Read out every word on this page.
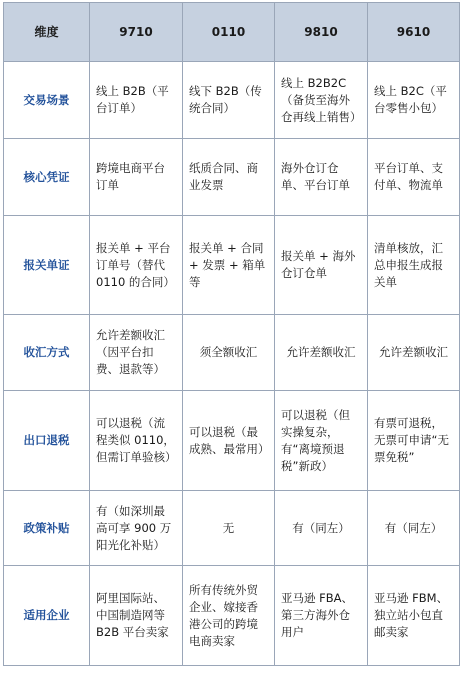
维度	9710	0110	9810	9610
交易场景	线上 B2B（平台订单）	线下 B2B（传统合同）	线上 B2B2C（备货至海外仓再线上销售）	线上 B2C（平台零售小包）
核心凭证	跨境电商平台订单	纸质合同、商业发票	海外仓订仓单、平台订单	平台订单、支付单、物流单
报关单证	报关单 + 平台订单号（替代 0110 的合同）	报关单 + 合同 + 发票 + 箱单等	报关单 + 海外仓订仓单	清单核放，汇总申报生成报关单
收汇方式	允许差额收汇（因平台扣费、退款等）	须全额收汇	允许差额收汇	允许差额收汇
出口退税	可以退税（流程类似 0110，但需订单验核）	可以退税（最成熟、最常用）	可以退税（但实操复杂，有“离境预退税”新政）	有票可退税，无票可申请“无票免税”
政策补贴	有（如深圳最高可享 900 万阳光化补贴）	无	有（同左）	有（同左）
适用企业	阿里国际站、中国制造网等 B2B 平台卖家	所有传统外贸企业、嫁接香港公司的跨境电商卖家	亚马逊 FBA、第三方海外仓用户	亚马逊 FBM、独立站小包直邮卖家
